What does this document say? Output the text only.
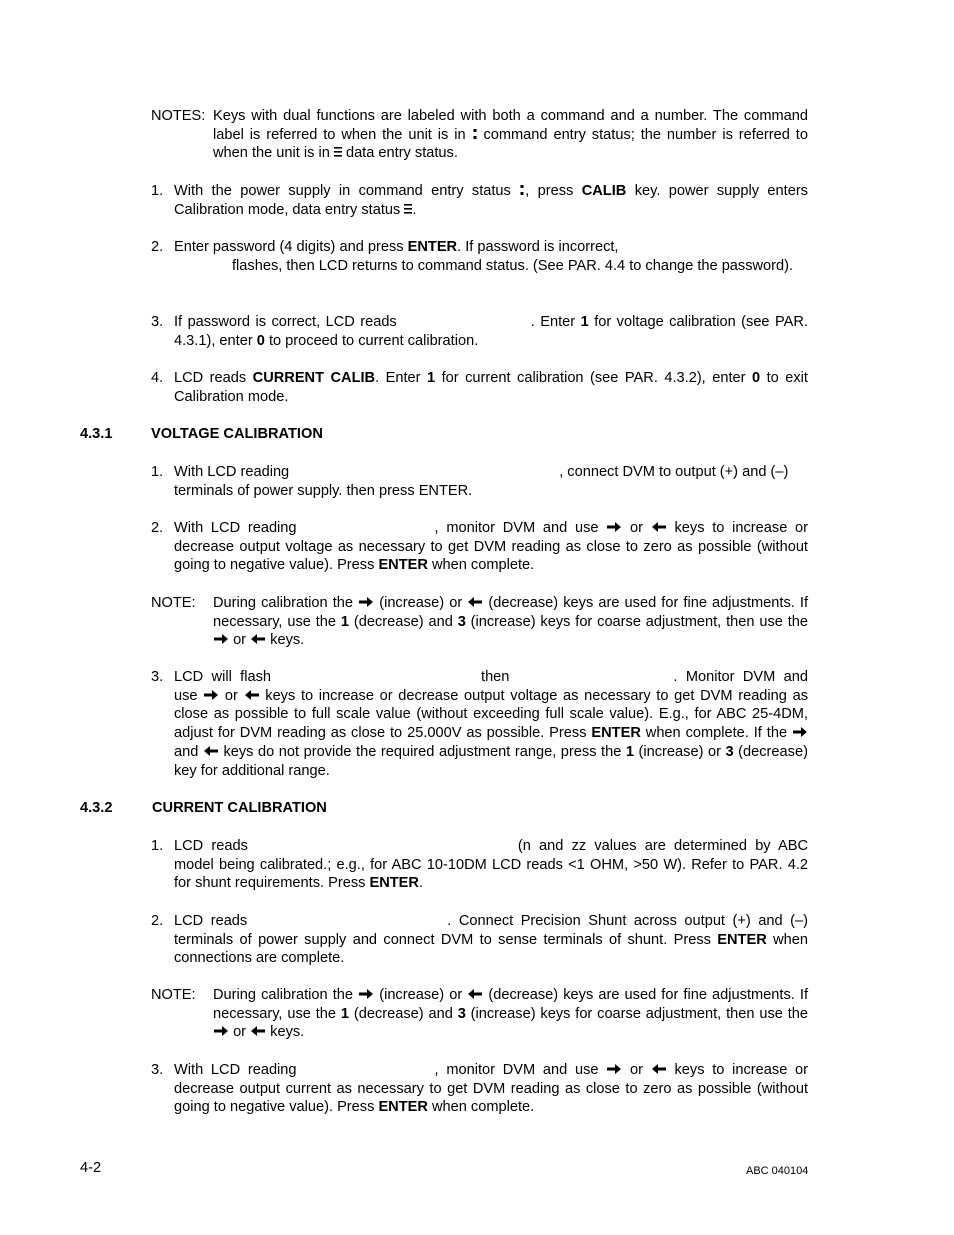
NOTES: Keys with dual functions are labeled with both a command and a number. The command label is referred to when the unit is in command entry status; the number is referred to when the unit is in data entry status.
1. With the power supply in command entry status , press CALIB key. power supply enters Calibration mode, data entry status .
2. Enter password (4 digits) and press ENTER. If password is incorrect,
flashes, then LCD returns to command status. (See PAR. 4.4 to change the password).
3. If password is correct, LCD reads	. Enter 1 for voltage calibration (see PAR. 4.3.1), enter 0 to proceed to current calibration.
4. LCD reads CURRENT CALIB. Enter 1 for current calibration (see PAR. 4.3.2), enter 0 to exit Calibration mode.
4.3.1	VOLTAGE CALIBRATION
1. With LCD reading	, connect DVM to output (+) and (–) terminals of power supply. then press ENTER.
2. With LCD reading	, monitor DVM and use or keys to increase or decrease output voltage as necessary to get DVM reading as close to zero as possible (without going to negative value). Press ENTER when complete.
NOTE: During calibration the (increase) or (decrease) keys are used for fine adjustments. If necessary, use the 1 (decrease) and 3 (increase) keys for coarse adjustment, then use the  or keys.
3. LCD will flash	then	. Monitor DVM and use or keys to increase or decrease output voltage as necessary to get DVM reading as close as possible to full scale value (without exceeding full scale value). E.g., for ABC 25-4DM, adjust for DVM reading as close to 25.000V as possible. Press ENTER when complete. If the  and keys do not provide the required adjustment range, press the 1 (increase) or 3 (decrease) key for additional range.
4.3.2	CURRENT CALIBRATION
1. LCD reads	(n and zz values are determined by ABC model being calibrated.; e.g., for ABC 10-10DM LCD reads <1 OHM, >50 W). Refer to PAR. 4.2 for shunt requirements. Press ENTER.
2. LCD reads	. Connect Precision Shunt across output (+) and (–) terminals of power supply and connect DVM to sense terminals of shunt. Press ENTER when connections are complete.
NOTE: During calibration the (increase) or (decrease) keys are used for fine adjustments. If necessary, use the 1 (decrease) and 3 (increase) keys for coarse adjustment, then use the  or keys.
3. With LCD reading	, monitor DVM and use or keys to increase or decrease output current as necessary to get DVM reading as close to zero as possible (without going to negative value). Press ENTER when complete.
4-2	ABC 040104
